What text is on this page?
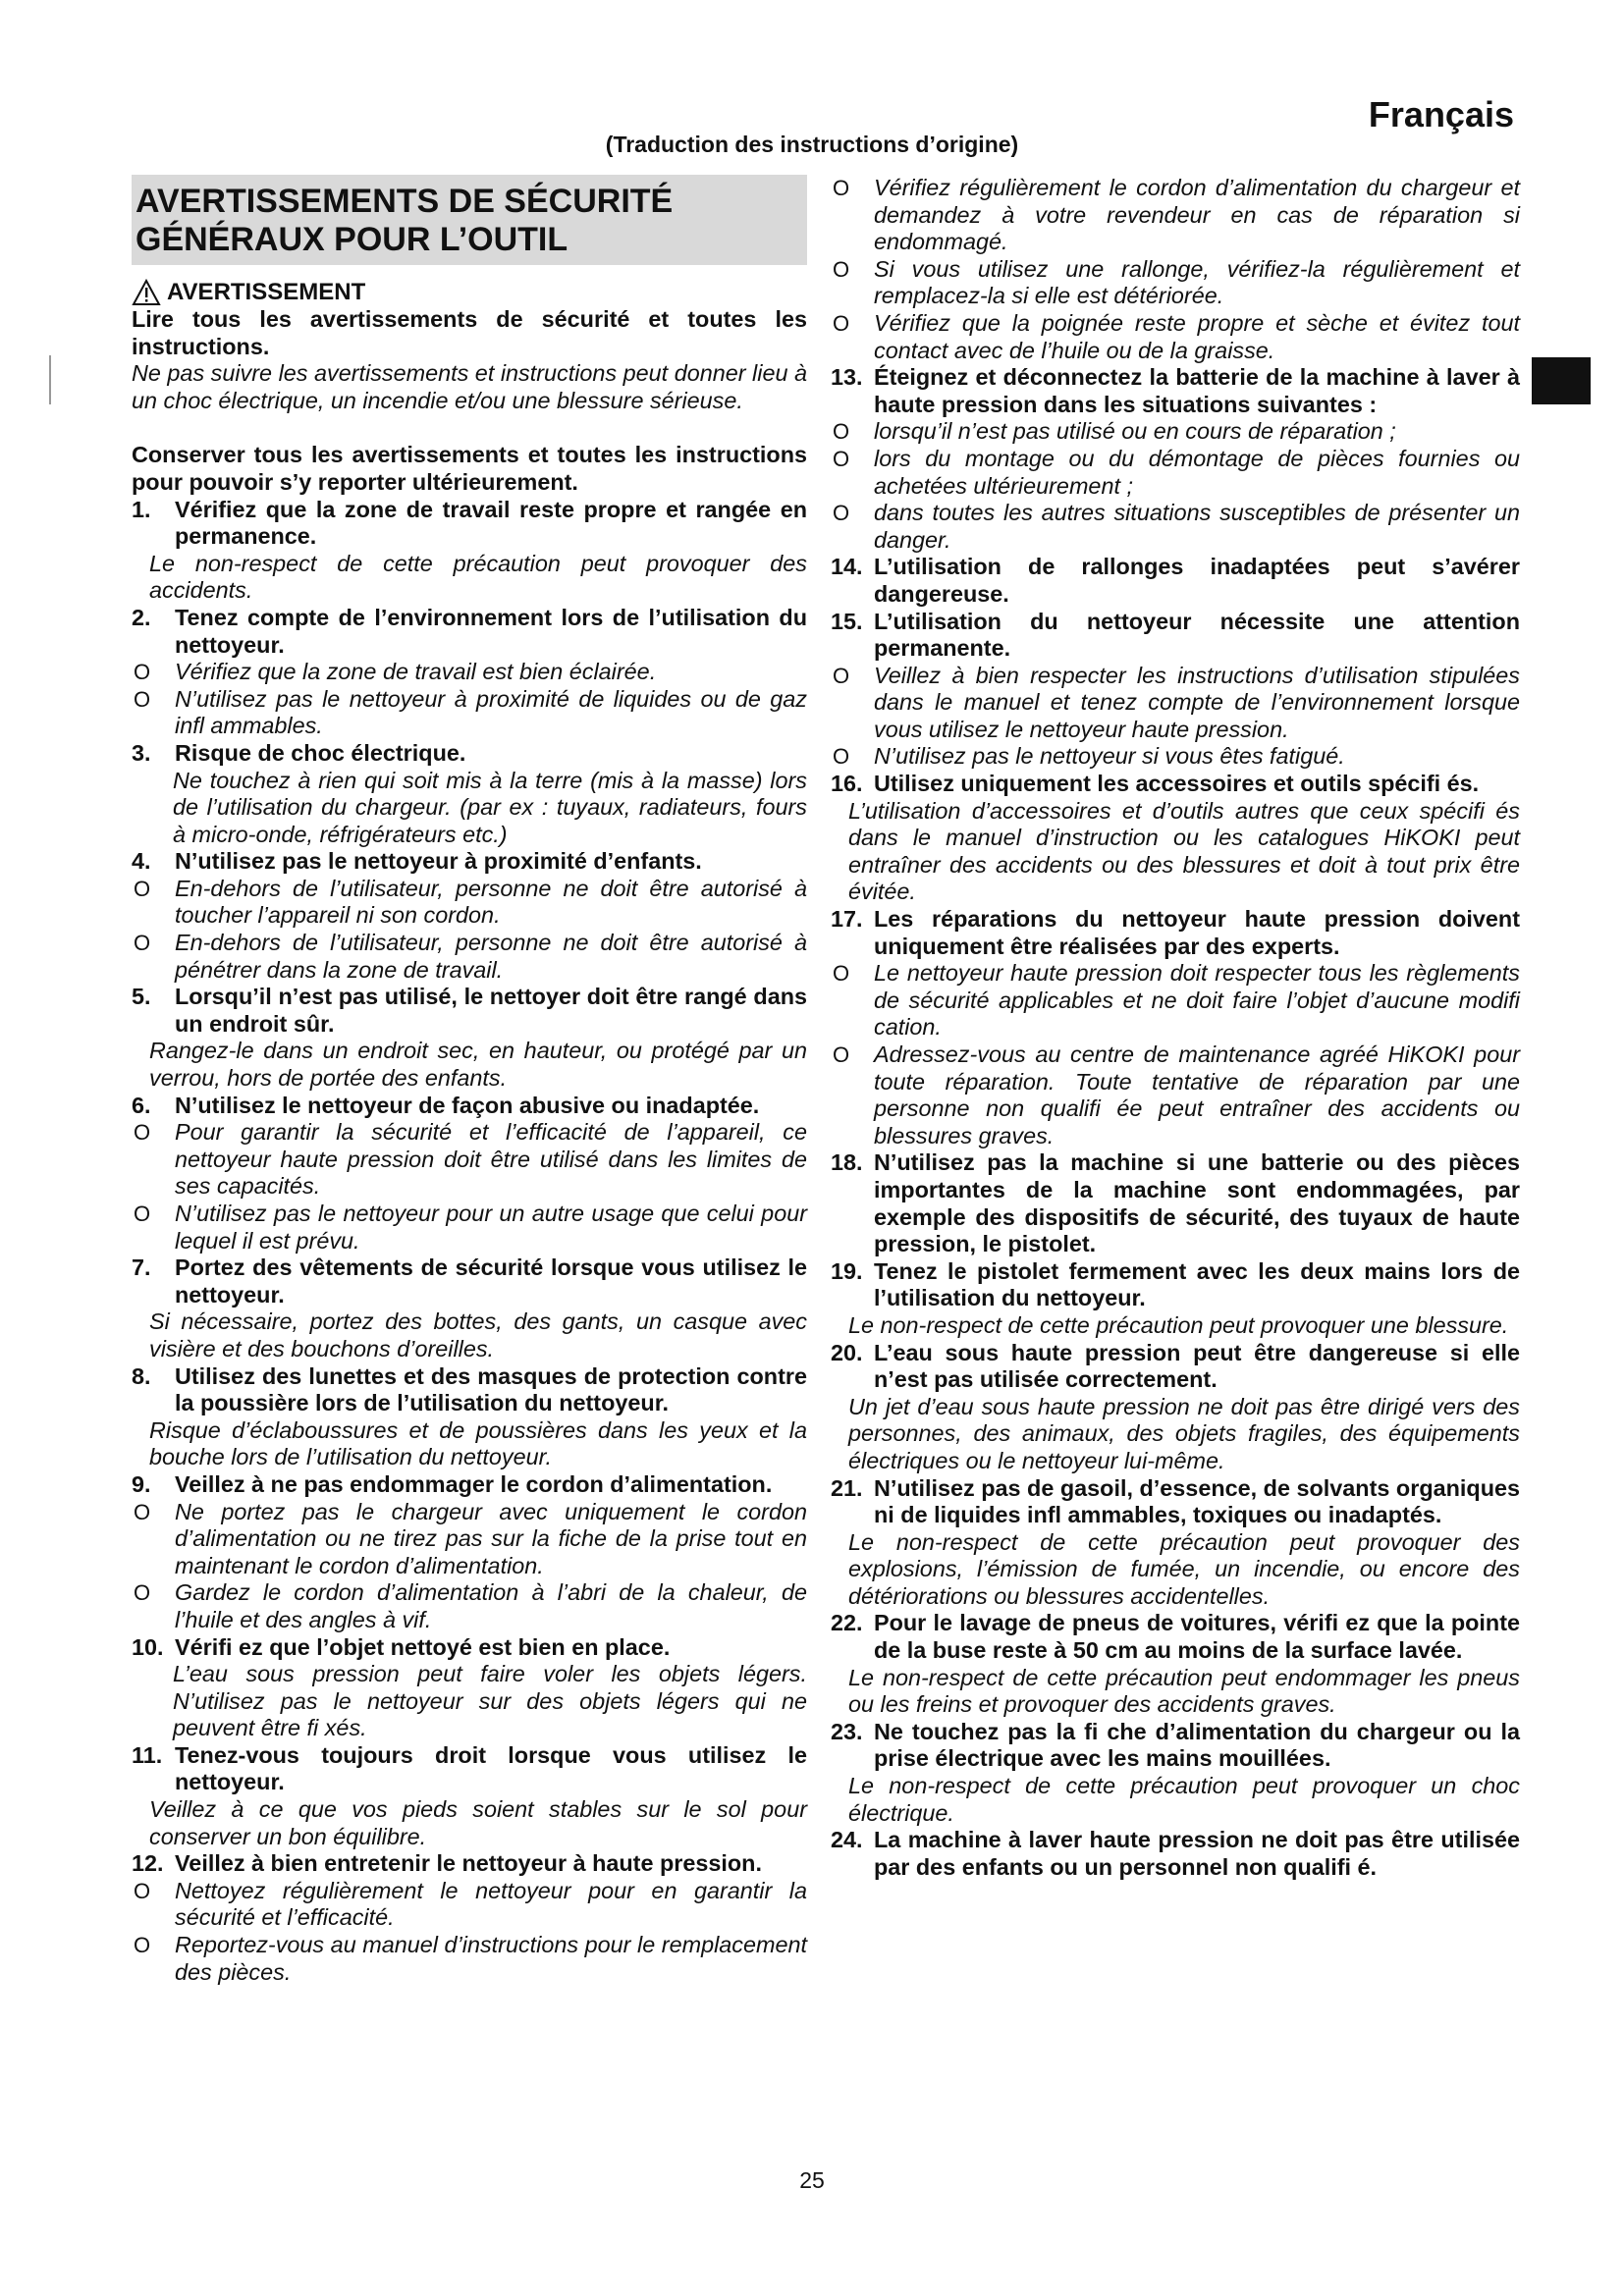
Français
(Traduction des instructions d’origine)
AVERTISSEMENTS DE SÉCURITÉ
GÉNÉRAUX POUR L’OUTIL
AVERTISSEMENT
Lire tous les avertissements de sécurité et toutes les instructions.
Ne pas suivre les avertissements et instructions peut donner lieu à un choc électrique, un incendie et/ou une blessure sérieuse.
Conserver tous les avertissements et toutes les instructions pour pouvoir s’y reporter ultérieurement.
1.	Vérifiez que la zone de travail reste propre et rangée en permanence.
Le non-respect de cette précaution peut provoquer des accidents.
2.	Tenez compte de l’environnement lors de l’utilisation du nettoyeur.
O	Vérifiez que la zone de travail est bien éclairée.
O	N’utilisez pas le nettoyeur à proximité de liquides ou de gaz infl ammables.
3.	Risque de choc électrique.
Ne touchez à rien qui soit mis à la terre (mis à la masse) lors de l’utilisation du chargeur. (par ex : tuyaux, radiateurs, fours à micro-onde, réfrigérateurs etc.)
4.	N’utilisez pas le nettoyeur à proximité d’enfants.
O	En-dehors de l’utilisateur, personne ne doit être autorisé à toucher l’appareil ni son cordon.
O	En-dehors de l’utilisateur, personne ne doit être autorisé à pénétrer dans la zone de travail.
5.	Lorsqu’il n’est pas utilisé, le nettoyer doit être rangé dans un endroit sûr.
Rangez-le dans un endroit sec, en hauteur, ou protégé par un verrou, hors de portée des enfants.
6.	N’utilisez le nettoyeur de façon abusive ou inadaptée.
O	Pour garantir la sécurité et l’efficacité de l’appareil, ce nettoyeur haute pression doit être utilisé dans les limites de ses capacités.
O	N’utilisez pas le nettoyeur pour un autre usage que celui pour lequel il est prévu.
7.	Portez des vêtements de sécurité lorsque vous utilisez le nettoyeur.
Si nécessaire, portez des bottes, des gants, un casque avec visière et des bouchons d’oreilles.
8.	Utilisez des lunettes et des masques de protection contre la poussière lors de l’utilisation du nettoyeur.
Risque d’éclaboussures et de poussières dans les yeux et la bouche lors de l’utilisation du nettoyeur.
9.	Veillez à ne pas endommager le cordon d’alimentation.
O	Ne portez pas le chargeur avec uniquement le cordon d’alimentation ou ne tirez pas sur la fiche de la prise tout en maintenant le cordon d’alimentation.
O	Gardez le cordon d’alimentation à l’abri de la chaleur, de l’huile et des angles à vif.
10. Vérifi ez que l’objet nettoyé est bien en place.
L’eau sous pression peut faire voler les objets légers. N’utilisez pas le nettoyeur sur des objets légers qui ne peuvent être fi xés.
11. Tenez-vous toujours droit lorsque vous utilisez le nettoyeur.
Veillez à ce que vos pieds soient stables sur le sol pour conserver un bon équilibre.
12. Veillez à bien entretenir le nettoyeur à haute pression.
O	Nettoyez régulièrement le nettoyeur pour en garantir la sécurité et l’efficacité.
O	Reportez-vous au manuel d’instructions pour le remplacement des pièces.
O	Vérifiez régulièrement le cordon d’alimentation du chargeur et demandez à votre revendeur en cas de réparation si endommagé.
O	Si vous utilisez une rallonge, vérifiez-la régulièrement et remplacez-la si elle est détériorée.
O	Vérifiez que la poignée reste propre et sèche et évitez tout contact avec de l’huile ou de la graisse.
13. Éteignez et déconnectez la batterie de la machine à laver à haute pression dans les situations suivantes :
O	lorsqu’il n’est pas utilisé ou en cours de réparation ;
O	lors du montage ou du démontage de pièces fournies ou achetées ultérieurement ;
O	dans toutes les autres situations susceptibles de présenter un danger.
14. L’utilisation de rallonges inadaptées peut s’avérer dangereuse.
15. L’utilisation du nettoyeur nécessite une attention permanente.
O	Veillez à bien respecter les instructions d’utilisation stipulées dans le manuel et tenez compte de l’environnement lorsque vous utilisez le nettoyeur haute pression.
O	N’utilisez pas le nettoyeur si vous êtes fatigué.
16. Utilisez uniquement les accessoires et outils spécifi és.
L’utilisation d’accessoires et d’outils autres que ceux spécifi és dans le manuel d’instruction ou les catalogues HiKOKI peut entraîner des accidents ou des blessures et doit à tout prix être évitée.
17. Les réparations du nettoyeur haute pression doivent uniquement être réalisées par des experts.
O	Le nettoyeur haute pression doit respecter tous les règlements de sécurité applicables et ne doit faire l’objet d’aucune modifi cation.
O	Adressez-vous au centre de maintenance agréé HiKOKI pour toute réparation. Toute tentative de réparation par une personne non qualifi ée peut entraîner des accidents ou blessures graves.
18. N’utilisez pas la machine si une batterie ou des pièces importantes de la machine sont endommagées, par exemple des dispositifs de sécurité, des tuyaux de haute pression, le pistolet.
19. Tenez le pistolet fermement avec les deux mains lors de l’utilisation du nettoyeur.
Le non-respect de cette précaution peut provoquer une blessure.
20. L’eau sous haute pression peut être dangereuse si elle n’est pas utilisée correctement.
Un jet d’eau sous haute pression ne doit pas être dirigé vers des personnes, des animaux, des objets fragiles, des équipements électriques ou le nettoyeur lui-même.
21. N’utilisez pas de gasoil, d’essence, de solvants organiques ni de liquides infl ammables, toxiques ou inadaptés.
Le non-respect de cette précaution peut provoquer des explosions, l’émission de fumée, un incendie, ou encore des détériorations ou blessures accidentelles.
22. Pour le lavage de pneus de voitures, vérifi ez que la pointe de la buse reste à 50 cm au moins de la surface lavée.
Le non-respect de cette précaution peut endommager les pneus ou les freins et provoquer des accidents graves.
23. Ne touchez pas la fi che d’alimentation du chargeur ou la prise électrique avec les mains mouillées.
Le non-respect de cette précaution peut provoquer un choc électrique.
24. La machine à laver haute pression ne doit pas être utilisée par des enfants ou un personnel non qualifi é.
25
